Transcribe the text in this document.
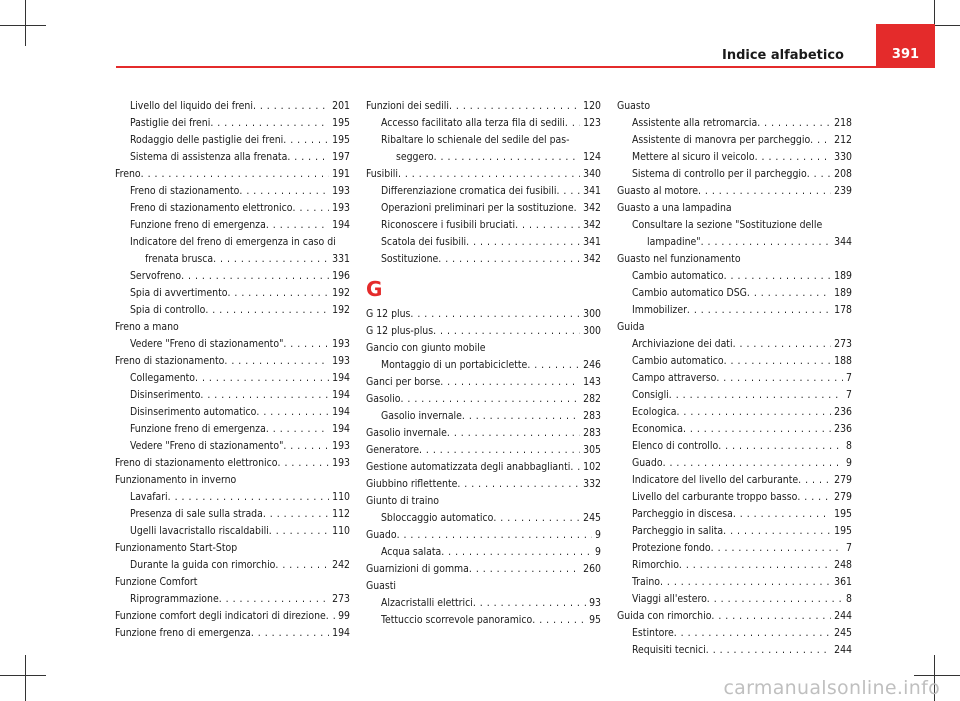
Indice alfabetico	391
Livello del liquido dei freni . . .	201
Pastiglie dei freni . . .	195
Rodaggio delle pastiglie dei freni . . .	195
Sistema di assistenza alla frenata . . .	197
Freno . . .	191
Freno di stazionamento . . .	193
Freno di stazionamento elettronico . . .	193
Funzione freno di emergenza . . .	194
Indicatore del freno di emergenza in caso di
frenata brusca . . .	331
Servofreno . . .	196
Spia di avvertimento . . .	192
Spia di controllo . . .	192
Freno a mano
Vedere "Freno di stazionamento" . . .	193
Freno di stazionamento . . .	193
Collegamento . . .	194
Disinserimento . . .	194
Disinserimento automatico . . .	194
Funzione freno di emergenza . . .	194
Vedere "Freno di stazionamento" . . .	193
Freno di stazionamento elettronico . . .	193
Funzionamento in inverno
Lavafari . . .	110
Presenza di sale sulla strada . . .	112
Ugelli lavacristallo riscaldabili . . .	110
Funzionamento Start-Stop
Durante la guida con rimorchio . . .	242
Funzione Comfort
Riprogrammazione . . .	273
Funzione comfort degli indicatori di direzione . . . 99
Funzione freno di emergenza . . .	194
Funzioni dei sedili . . .	120
Accesso facilitato alla terza fila di sedili . . . 123
Ribaltare lo schienale del sedile del pas-
seggero . . .	124
Fusibili . . .	340
Differenziazione cromatica dei fusibili . . .	341
Operazioni preliminari per la sostituzione . . . 342
Riconoscere i fusibili bruciati . . .	342
Scatola dei fusibili . . .	341
Sostituzione . . .	342
G
G 12 plus . . .	300
G 12 plus-plus . . .	300
Gancio con giunto mobile
Montaggio di un portabiciclette . . .	246
Ganci per borse . . .	143
Gasolio . . .	282
Gasolio invernale . . .	283
Gasolio invernale . . .	283
Generatore . . .	305
Gestione automatizzata degli anabbaglianti . . . 102
Giubbino riflettente . . .	332
Giunto di traino
Sbloccaggio automatico . . .	245
Guado . . .	9
Acqua salata . . .	9
Guarnizioni di gomma . . .	260
Guasti
Alzacristalli elettrici . . .	93
Tettuccio scorrevole panoramico . . .	95
Guasto
Assistente alla retromarcia . . .	218
Assistente di manovra per parcheggio . . . 212
Mettere al sicuro il veicolo . . .	330
Sistema di controllo per il parcheggio . . .	208
Guasto al motore . . .	239
Guasto a una lampadina
Consultare la sezione "Sostituzione delle
lampadine" . . .	344
Guasto nel funzionamento
Cambio automatico . . .	189
Cambio automatico DSG . . .	189
Immobilizer . . .	178
Guida
Archiviazione dei dati . . .	273
Cambio automatico . . .	188
Campo attraverso . . .	7
Consigli . . .	7
Ecologica . . .	236
Economica . . .	236
Elenco di controllo . . .	8
Guado . . .	9
Indicatore del livello del carburante . . .	279
Livello del carburante troppo basso . . .	279
Parcheggio in discesa . . .	195
Parcheggio in salita . . .	195
Protezione fondo . . .	7
Rimorchio . . .	248
Traino . . .	361
Viaggi all'estero . . .	8
Guida con rimorchio . . .	244
Estintore . . .	245
Requisiti tecnici . . .	244
carmanualsonline.info
